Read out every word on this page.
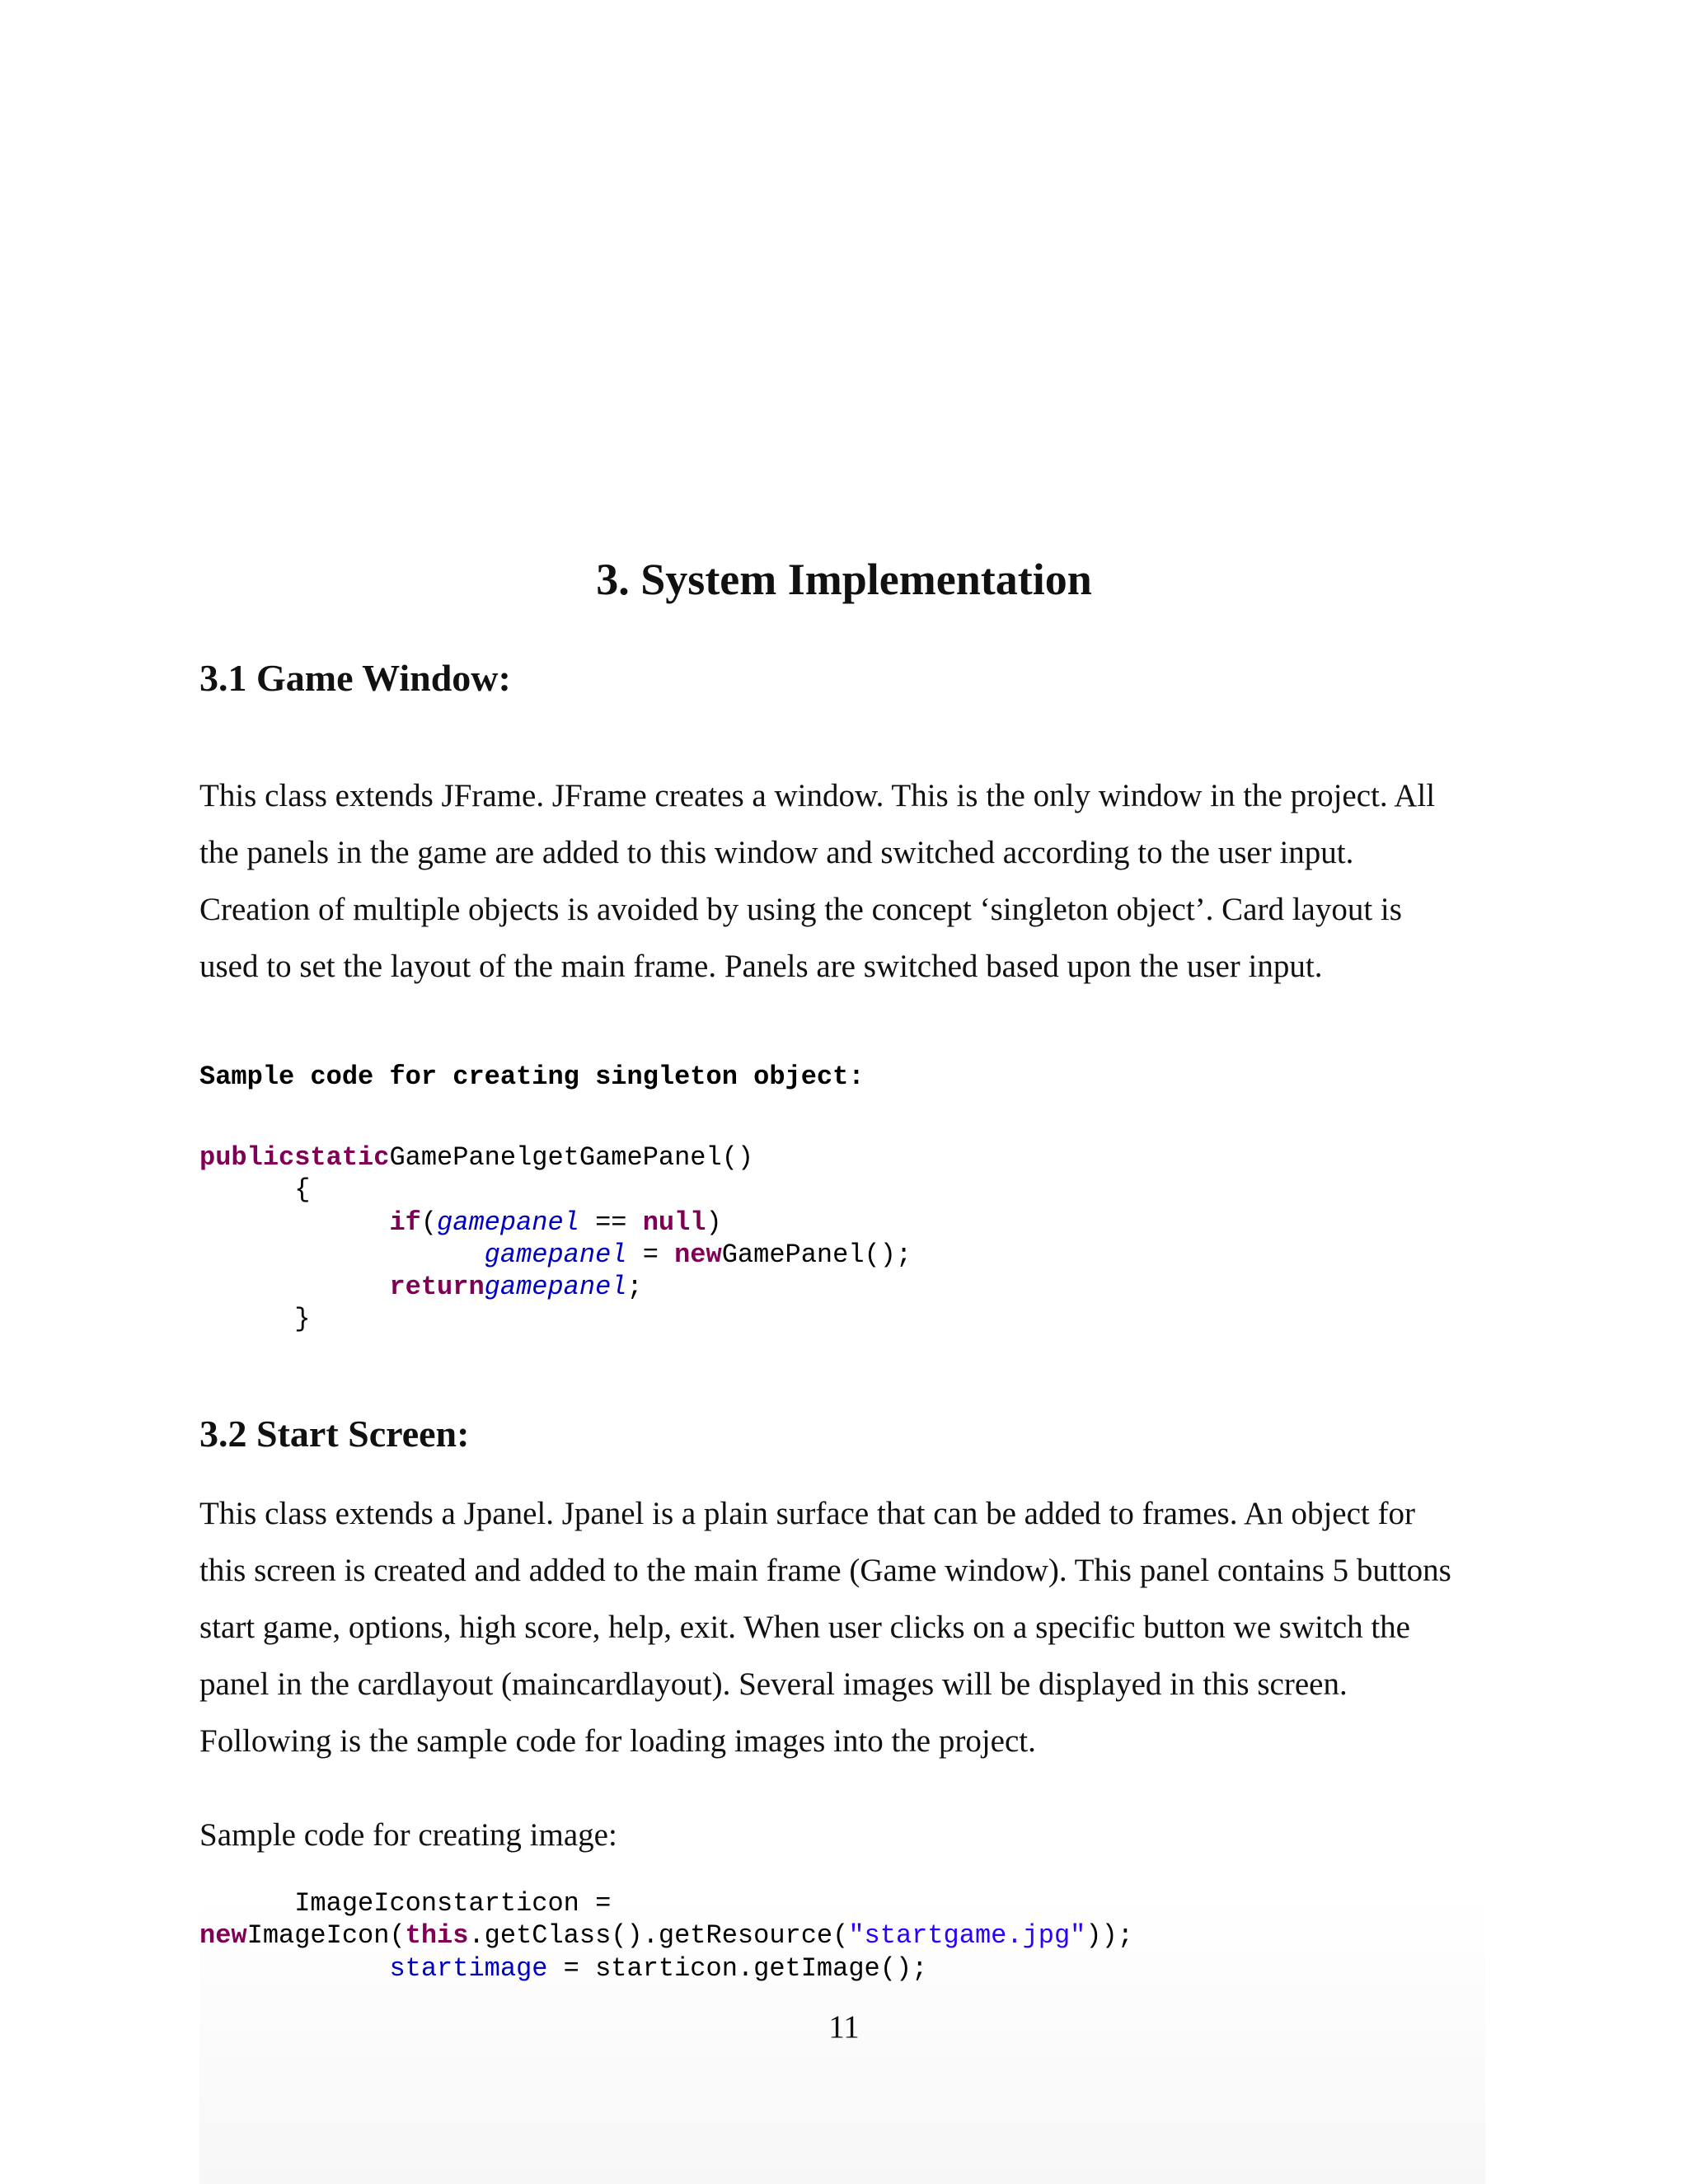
3. System Implementation
3.1 Game Window:
This class extends JFrame. JFrame creates a window. This is the only window in the project. All
the panels in the game are added to this window and switched according to the user input.
Creation of multiple objects is avoided by using the concept ‘singleton object’. Card layout is
used to set the layout of the main frame. Panels are switched based upon the user input.
Sample code for creating singleton object:
publicstaticGamePanelgetGamePanel()
{
if(gamepanel == null)
gamepanel = newGamePanel();
returngamepanel;
}
3.2 Start Screen:
This class extends a Jpanel. Jpanel is a plain surface that can be added to frames. An object for
this screen is created and added to the main frame (Game window). This panel contains 5 buttons
start game, options, high score, help, exit. When user clicks on a specific button we switch the
panel in the cardlayout (maincardlayout). Several images will be displayed in this screen.
Following is the sample code for loading images into the project.
Sample code for creating image:
ImageIconstarticon =
newImageIcon(this.getClass().getResource("startgame.jpg"));
startimage = starticon.getImage();
11
